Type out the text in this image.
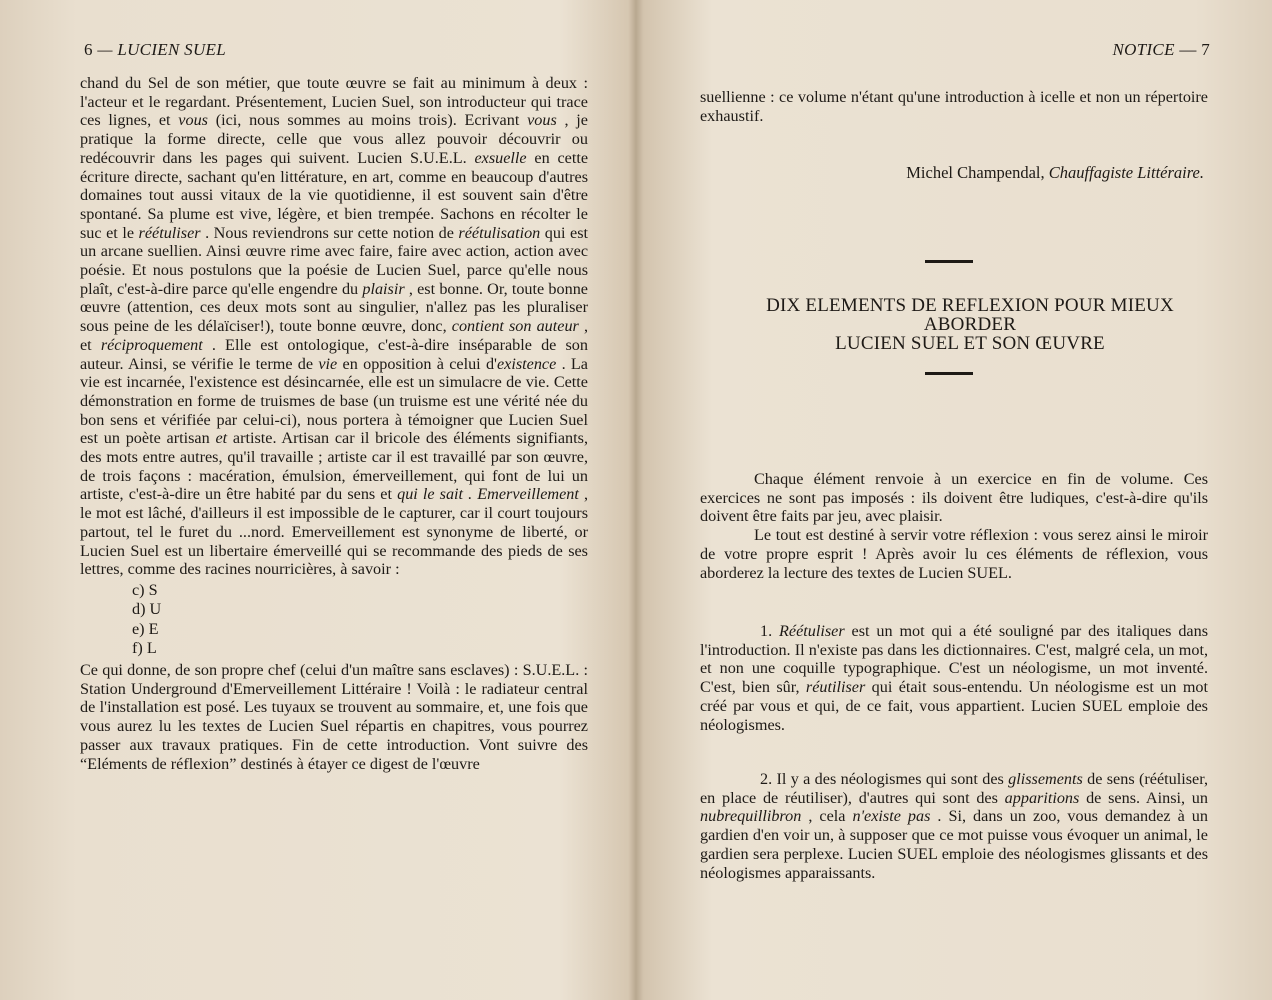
6 — LUCIEN SUEL

chand du Sel de son métier, que toute œuvre se fait au minimum à deux : l'acteur et le regardant. Présentement, Lucien Suel, son introducteur qui trace ces lignes, et vous (ici, nous sommes au moins trois). Ecrivant vous , je pratique la forme directe, celle que vous allez pouvoir découvrir ou redécouvrir dans les pages qui suivent. Lucien S.U.E.L. exsuelle en cette écriture directe, sachant qu'en littérature, en art, comme en beaucoup d'autres domaines tout aussi vitaux de la vie quotidienne, il est souvent sain d'être spontané. Sa plume est vive, légère, et bien trempée. Sachons en récolter le suc et le réétuliser . Nous reviendrons sur cette notion de réétulisation qui est un arcane suellien. Ainsi œuvre rime avec faire, faire avec action, action avec poésie. Et nous postulons que la poésie de Lucien Suel, parce qu'elle nous plaît, c'est-à-dire parce qu'elle engendre du plaisir , est bonne. Or, toute bonne œuvre (attention, ces deux mots sont au singulier, n'allez pas les pluraliser sous peine de les délaïciser!), toute bonne œuvre, donc, contient son auteur , et réciproquement . Elle est ontologique, c'est-à-dire inséparable de son auteur. Ainsi, se vérifie le terme de vie en opposition à celui d'existence . La vie est incarnée, l'existence est désincarnée, elle est un simulacre de vie. Cette démonstration en forme de truismes de base (un truisme est une vérité née du bon sens et vérifiée par celui-ci), nous portera à témoigner que Lucien Suel est un poète artisan et artiste. Artisan car il bricole des éléments signifiants, des mots entre autres, qu'il travaille ; artiste car il est travaillé par son œuvre, de trois façons : macération, émulsion, émerveillement, qui font de lui un artiste, c'est-à-dire un être habité par du sens et qui le sait . Emerveillement , le mot est lâché, d'ailleurs il est impossible de le capturer, car il court toujours partout, tel le furet du ...nord. Emerveillement est synonyme de liberté, or Lucien Suel est un libertaire émerveillé qui se recommande des pieds de ses lettres, comme des racines nourricières, à savoir :

c) S
d) U
e) E
f) L

Ce qui donne, de son propre chef (celui d'un maître sans esclaves) : S.U.E.L. : Station Underground d'Emerveillement Littéraire ! Voilà : le radiateur central de l'installation est posé. Les tuyaux se trouvent au sommaire, et, une fois que vous aurez lu les textes de Lucien Suel répartis en chapitres, vous pourrez passer aux travaux pratiques. Fin de cette introduction. Vont suivre des “Eléments de réflexion” destinés à étayer ce digest de l'œuvre

NOTICE — 7

suellienne : ce volume n'étant qu'une introduction à icelle et non un répertoire exhaustif.

Michel Champendal, Chauffagiste Littéraire.
DIX ELEMENTS DE REFLEXION POUR MIEUX
ABORDER
LUCIEN SUEL ET SON ŒUVRE

Chaque élément renvoie à un exercice en fin de volume. Ces exercices ne sont pas imposés : ils doivent être ludiques, c'est-à-dire qu'ils doivent être faits par jeu, avec plaisir.

Le tout est destiné à servir votre réflexion : vous serez ainsi le miroir de votre propre esprit ! Après avoir lu ces éléments de réflexion, vous aborderez la lecture des textes de Lucien SUEL.

1. Réétuliser est un mot qui a été souligné par des italiques dans l'introduction. Il n'existe pas dans les dictionnaires. C'est, malgré cela, un mot, et non une coquille typographique. C'est un néologisme, un mot inventé. C'est, bien sûr, réutiliser qui était sous-entendu. Un néologisme est un mot créé par vous et qui, de ce fait, vous appartient. Lucien SUEL emploie des néologismes.

2. Il y a des néologismes qui sont des glissements de sens (réétuliser, en place de réutiliser), d'autres qui sont des apparitions de sens. Ainsi, un nubrequillibron , cela n'existe pas . Si, dans un zoo, vous demandez à un gardien d'en voir un, à supposer que ce mot puisse vous évoquer un animal, le gardien sera perplexe. Lucien SUEL emploie des néologismes glissants et des néologismes apparaissants.
